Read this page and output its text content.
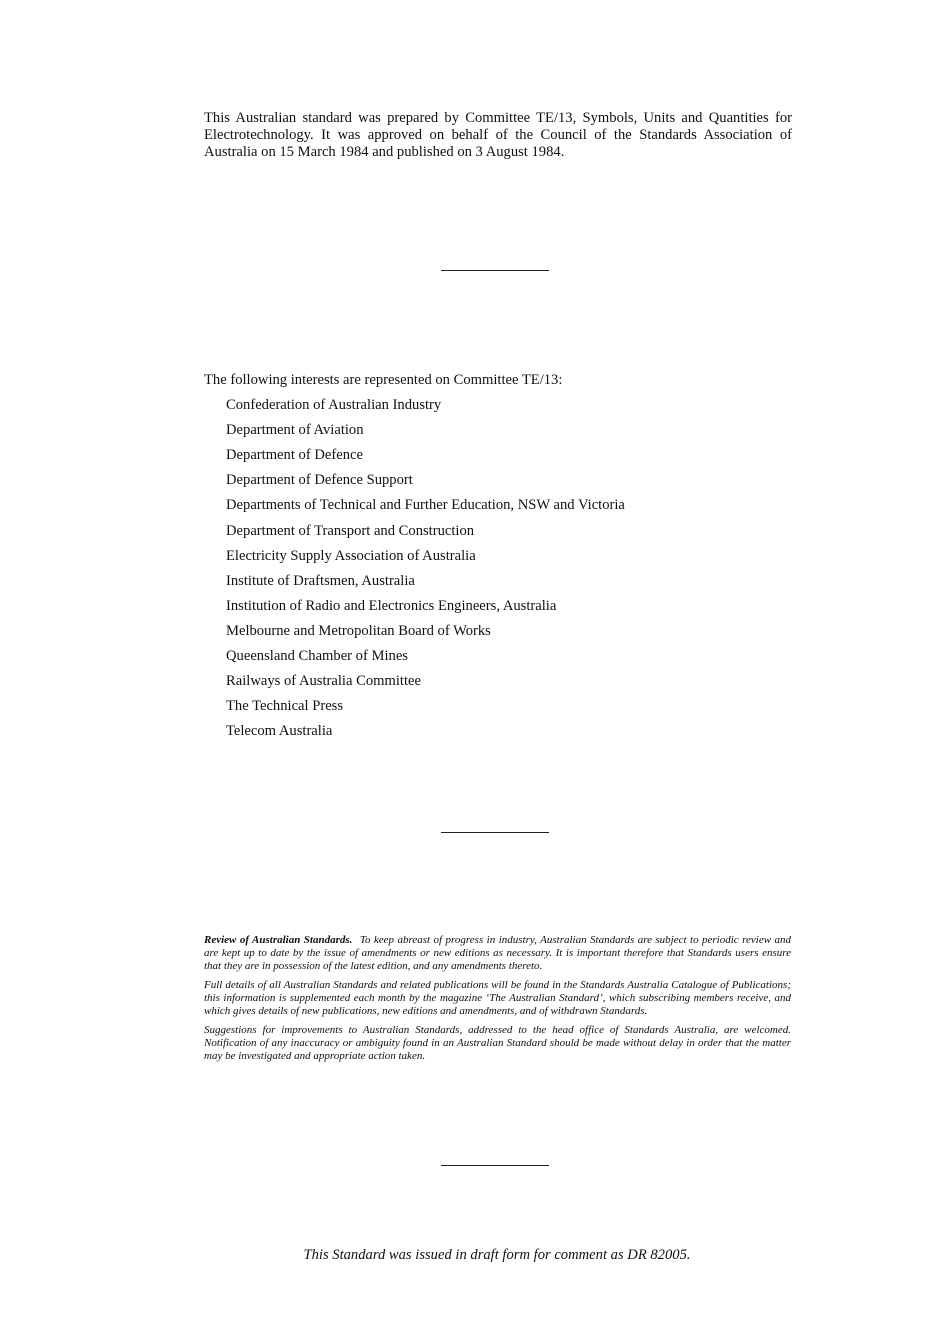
This Australian standard was prepared by Committee TE/13, Symbols, Units and Quantities for Electrotechnology. It was approved on behalf of the Council of the Standards Association of Australia on 15 March 1984 and published on 3 August 1984.

The following interests are represented on Committee TE/13:

Confederation of Australian Industry
Department of Aviation
Department of Defence
Department of Defence Support
Departments of Technical and Further Education, NSW and Victoria
Department of Transport and Construction
Electricity Supply Association of Australia
Institute of Draftsmen, Australia
Institution of Radio and Electronics Engineers, Australia
Melbourne and Metropolitan Board of Works
Queensland Chamber of Mines
Railways of Australia Committee
The Technical Press
Telecom Australia

Review of Australian Standards. To keep abreast of progress in industry, Australian Standards are subject to periodic review and are kept up to date by the issue of amendments or new editions as necessary. It is important therefore that Standards users ensure that they are in possession of the latest edition, and any amendments thereto.

Full details of all Australian Standards and related publications will be found in the Standards Australia Catalogue of Publications; this information is supplemented each month by the magazine ‘The Australian Standard’, which subscribing members receive, and which gives details of new publications, new editions and amendments, and of withdrawn Standards.

Suggestions for improvements to Australian Standards, addressed to the head office of Standards Australia, are welcomed. Notification of any inaccuracy or ambiguity found in an Australian Standard should be made without delay in order that the matter may be investigated and appropriate action taken.

This Standard was issued in draft form for comment as DR 82005.
